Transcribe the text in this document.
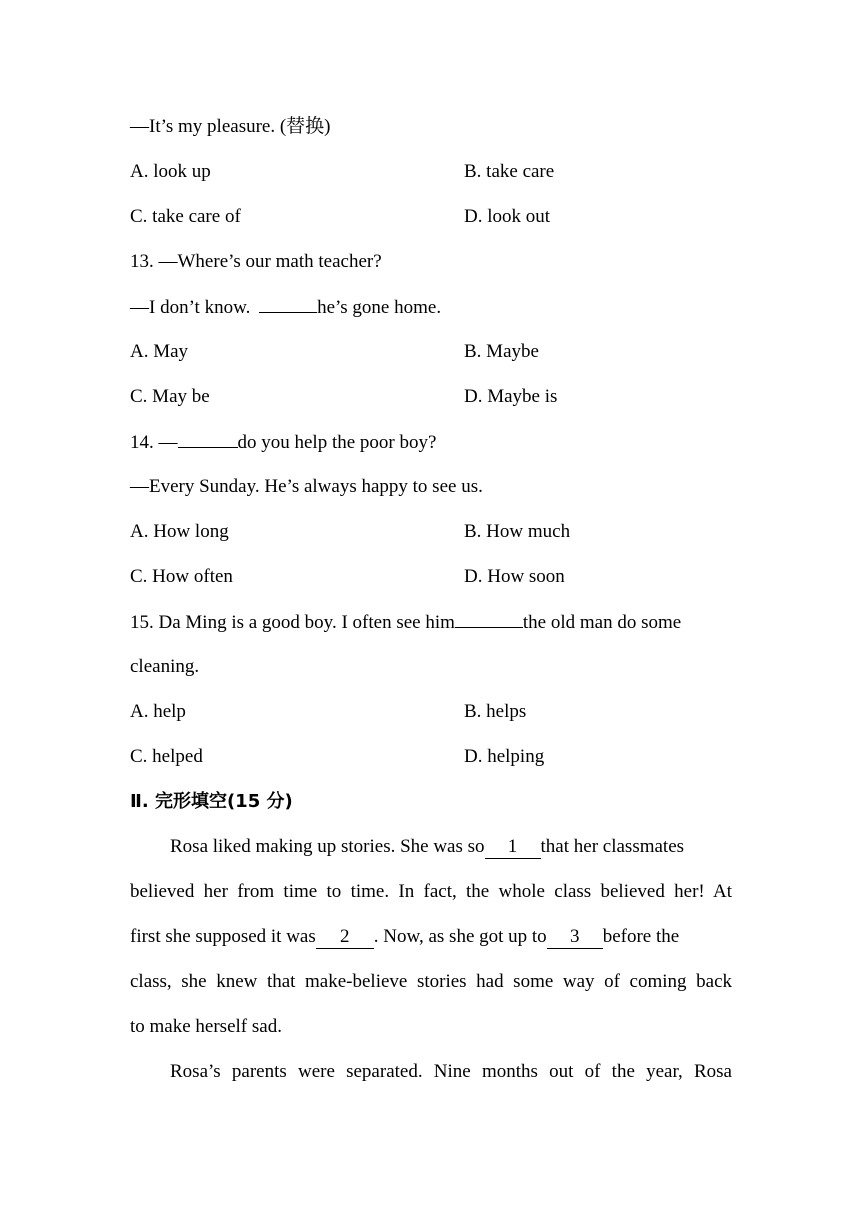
—It’s my pleasure. (替换)
A. look up	B. take care
C. take care of	D. look out
13. —Where’s our math teacher?
—I don’t know.	he’s gone home.
A. May	B. Maybe
C. May be	D. Maybe is
14. —	do you help the poor boy?
—Every Sunday. He’s always happy to see us.
A. How long	B. How much
C. How often	D. How soon
15. Da Ming is a good boy. I often see him	the old man do some
cleaning.
A. help	B. helps
C. helped	D. helping
Ⅱ. 完形填空(15 分)
Rosa liked making up stories. She was so 1 that her classmates
believed her from time to time. In fact, the whole class believed her! At
first she supposed it was 2 . Now, as she got up to 3 before the
class, she knew that make-believe stories had some way of coming back
to make herself sad.
Rosa’s parents were separated. Nine months out of the year, Rosa
